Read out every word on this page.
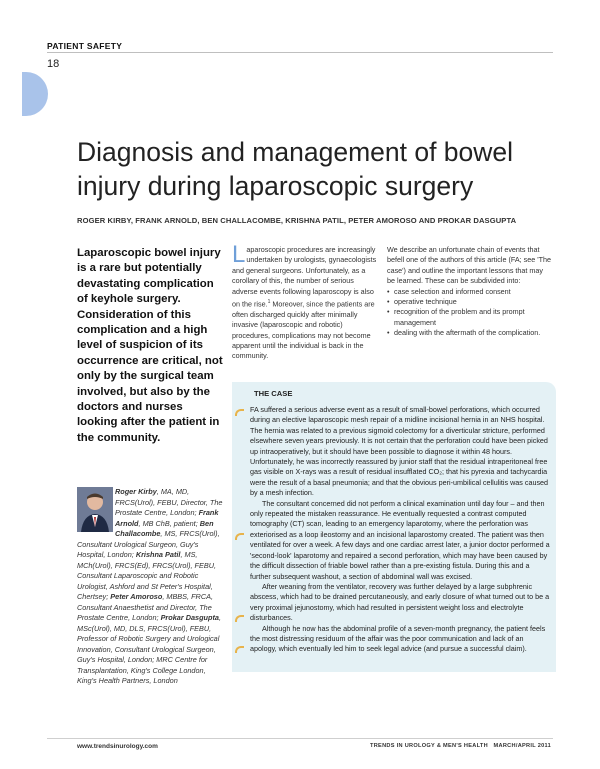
PATIENT SAFETY
18
Diagnosis and management of bowel injury during laparoscopic surgery
ROGER KIRBY, FRANK ARNOLD, BEN CHALLACOMBE, KRISHNA PATIL, PETER AMOROSO AND PROKAR DASGUPTA

Laparoscopic bowel injury is a rare but potentially devastating complication of keyhole surgery. Consideration of this complication and a high level of suspicion of its occurrence are critical, not only by the surgical team involved, but also by the doctors and nurses looking after the patient in the community.

Laparoscopic procedures are increasingly undertaken by urologists, gynaecologists and general surgeons. Unfortunately, as a corollary of this, the number of serious adverse events following laparoscopy is also on the rise.$^1$ Moreover, since the patients are often discharged quickly after minimally invasive (laparoscopic and robotic) procedures, complications may not become apparent until the individual is back in the community.

We describe an unfortunate chain of events that befell one of the authors of this article (FA; see 'The case') and outline the important lessons that may be learned. These can be subdivided into:

• case selection and informed consent
• operative technique
• recognition of the problem and its prompt management
• dealing with the aftermath of the complication.
THE CASE

FA suffered a serious adverse event as a result of small-bowel perforations, which occurred during an elective laparoscopic mesh repair of a midline incisional hernia in an NHS hospital. The hernia was related to a previous sigmoid colectomy for a diverticular stricture, performed elsewhere seven years previously. It is not certain that the perforation could have been picked up intraoperatively, but it should have been possible to diagnose it within 48 hours. Unfortunately, he was incorrectly reassured by junior staff that the residual intraperitoneal free gas visible on X-rays was a result of residual insufflated CO₂; that his pyrexia and tachycardia were the result of a basal pneumonia; and that the obvious peri-umbilical cellulitis was caused by a mesh infection.

The consultant concerned did not perform a clinical examination until day four – and then only repeated the mistaken reassurance. He eventually requested a contrast computed tomography (CT) scan, leading to an emergency laparotomy, where the perforation was exteriorised as a loop ileostomy and an incisional laparostomy created. The patient was then ventilated for over a week. A few days and one cardiac arrest later, a junior doctor performed a 'second-look' laparotomy and repaired a second perforation, which may have been caused by the difficult dissection of friable bowel rather than a pre-existing fistula. During this and a further subsequent washout, a section of abdominal wall was excised.

After weaning from the ventilator, recovery was further delayed by a large subphrenic abscess, which had to be drained percutaneously, and early closure of what turned out to be a very proximal jejunostomy, which had resulted in persistent weight loss and electrolyte disturbances.

Although he now has the abdominal profile of a seven-month pregnancy, the patient feels the most distressing residuum of the affair was the poor communication and lack of an apology, which eventually led him to seek legal advice (and pursue a successful claim).

Roger Kirby, MA, MD, FRCS(Urol), FEBU, Director, The Prostate Centre, London; Frank Arnold, MB ChB, patient; Ben Challacombe, MS, FRCS(Urol), Consultant Urological Surgeon, Guy's Hospital, London; Krishna Patil, MS, MCh(Urol), FRCS(Ed), FRCS(Urol), FEBU, Consultant Laparoscopic and Robotic Urologist, Ashford and St Peter's Hospital, Chertsey; Peter Amoroso, MBBS, FRCA, Consultant Anaesthetist and Director, The Prostate Centre, London; Prokar Dasgupta, MSc(Urol), MD, DLS, FRCS(Urol), FEBU, Professor of Robotic Surgery and Urological Innovation, Consultant Urological Surgeon, Guy's Hospital, London; MRC Centre for Transplantation, King's College London, King's Health Partners, London

www.trendsinurology.com	TRENDS IN UROLOGY & MEN'S HEALTH MARCH/APRIL 2011
